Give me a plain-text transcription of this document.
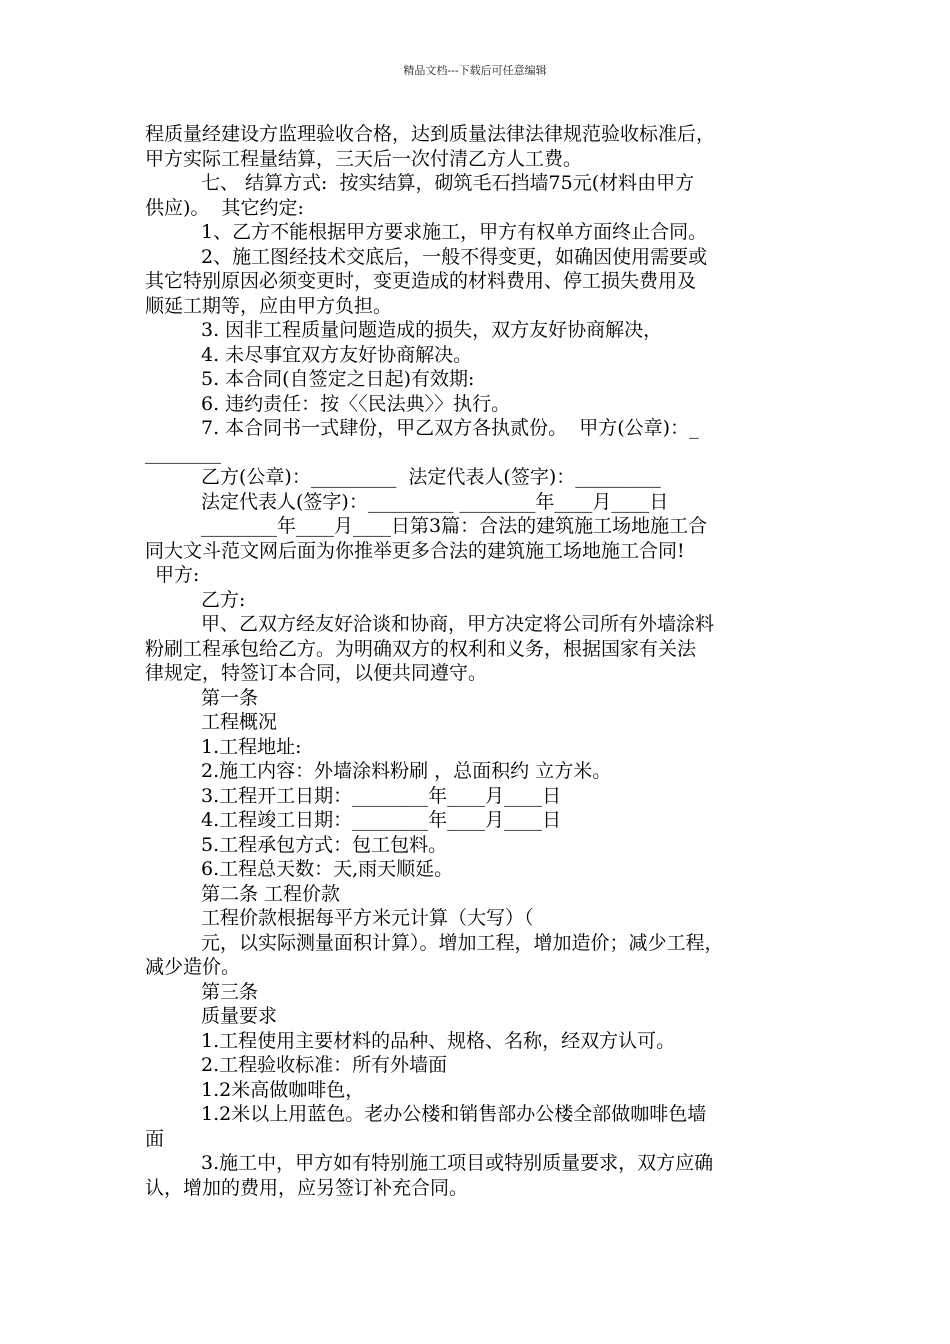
精品文档---下载后可任意编辑
程质量经建设方监理验收合格，达到质量法律法律规范验收标准后，
甲方实际工程量结算，三天后一次付清乙方人工费。
七、 结算方式:  按实结算，砌筑毛石挡墙75元(材料由甲方
供应)。  其它约定:
1、乙方不能根据甲方要求施工，甲方有权单方面终止合同。
2、施工图经技术交底后，一般不得变更，如确因使用需要或
其它特别原因必须变更时，变更造成的材料费用、停工损失费用及
顺延工期等，应由甲方负担。
3. 因非工程质量问题造成的损失，双方友好协商解决，
4. 未尽事宜双方友好协商解决。
5. 本合同(自签定之日起)有效期:
6. 违约责任：按〈〈民法典〉〉执行。
7. 本合同书一式肆份，甲乙双方各执贰份。  甲方(公章)：_
________
乙方(公章)：_________  法定代表人(签字)：_________
法定代表人(签字)：_________ ________年____月____日
________年____月____日第3篇：合法的建筑施工场地施工合
同大文斗范文网后面为你推举更多合法的建筑施工场地施工合同!
甲方:
乙方:
甲、乙双方经友好洽谈和协商，甲方决定将公司所有外墙涂料
粉刷工程承包给乙方。为明确双方的权利和义务，根据国家有关法
律规定，特签订本合同，以便共同遵守。
第一条
工程概况
1.工程地址:
2.施工内容：外墙涂料粉刷 ，总面积约 立方米。
3.工程开工日期：________年____月____日
4.工程竣工日期：________年____月____日
5.工程承包方式：包工包料。
6.工程总天数：天,雨天顺延。
第二条 工程价款
工程价款根据每平方米元计算（大写）（
元，以实际测量面积计算）。增加工程，增加造价；减少工程，
减少造价。
第三条
质量要求
1.工程使用主要材料的品种、规格、名称，经双方认可。
2.工程验收标准：所有外墙面
1.2米高做咖啡色，
1.2米以上用蓝色。老办公楼和销售部办公楼全部做咖啡色墙
面
3.施工中，甲方如有特别施工项目或特别质量要求，双方应确
认，增加的费用，应另签订补充合同。
